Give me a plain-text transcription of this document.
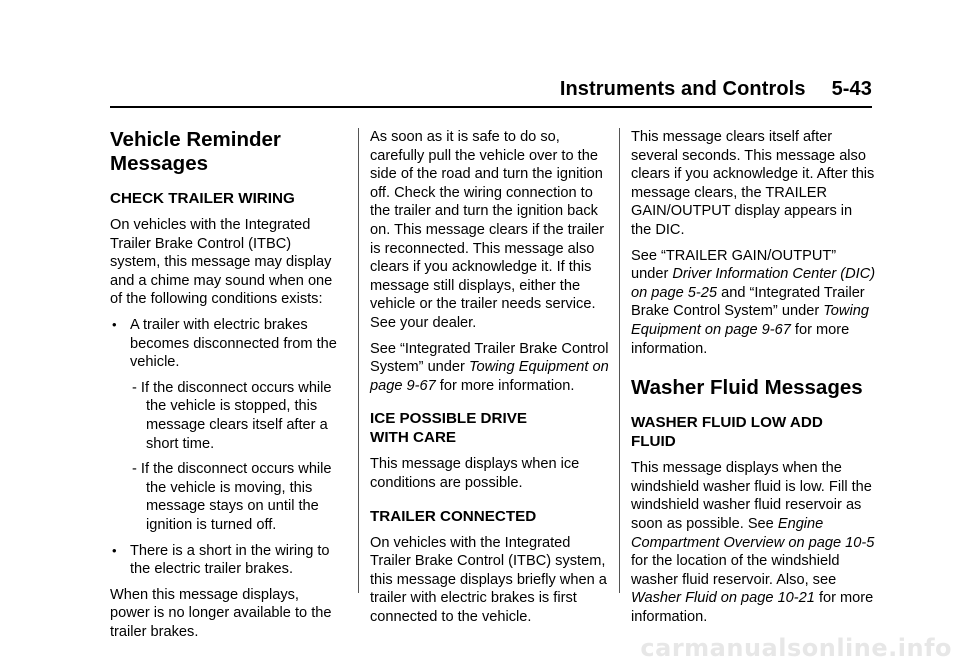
Instruments and Controls 5-43
Vehicle Reminder
Messages
CHECK TRAILER WIRING

On vehicles with the Integrated Trailer Brake Control (ITBC) system, this message may display and a chime may sound when one of the following conditions exists:

• A trailer with electric brakes becomes disconnected from the vehicle.
- If the disconnect occurs while the vehicle is stopped, this message clears itself after a short time.
- If the disconnect occurs while the vehicle is moving, this message stays on until the ignition is turned off.
• There is a short in the wiring to the electric trailer brakes.

When this message displays, power is no longer available to the trailer brakes.

As soon as it is safe to do so, carefully pull the vehicle over to the side of the road and turn the ignition off. Check the wiring connection to the trailer and turn the ignition back on. This message clears if the trailer is reconnected. This message also clears if you acknowledge it. If this message still displays, either the vehicle or the trailer needs service. See your dealer.

See “Integrated Trailer Brake Control System” under Towing Equipment on page 9-67 for more information.

ICE POSSIBLE DRIVE
WITH CARE

This message displays when ice conditions are possible.

TRAILER CONNECTED

On vehicles with the Integrated Trailer Brake Control (ITBC) system, this message displays briefly when a trailer with electric brakes is first connected to the vehicle.

This message clears itself after several seconds. This message also clears if you acknowledge it. After this message clears, the TRAILER GAIN/OUTPUT display appears in the DIC.

See “TRAILER GAIN/OUTPUT” under Driver Information Center (DIC) on page 5-25 and “Integrated Trailer Brake Control System” under Towing Equipment on page 9-67 for more information.

Washer Fluid Messages
WASHER FLUID LOW ADD
FLUID

This message displays when the windshield washer fluid is low. Fill the windshield washer fluid reservoir as soon as possible. See Engine Compartment Overview on page 10-5 for the location of the windshield washer fluid reservoir. Also, see Washer Fluid on page 10-21 for more information.

carmanualsonline.info
